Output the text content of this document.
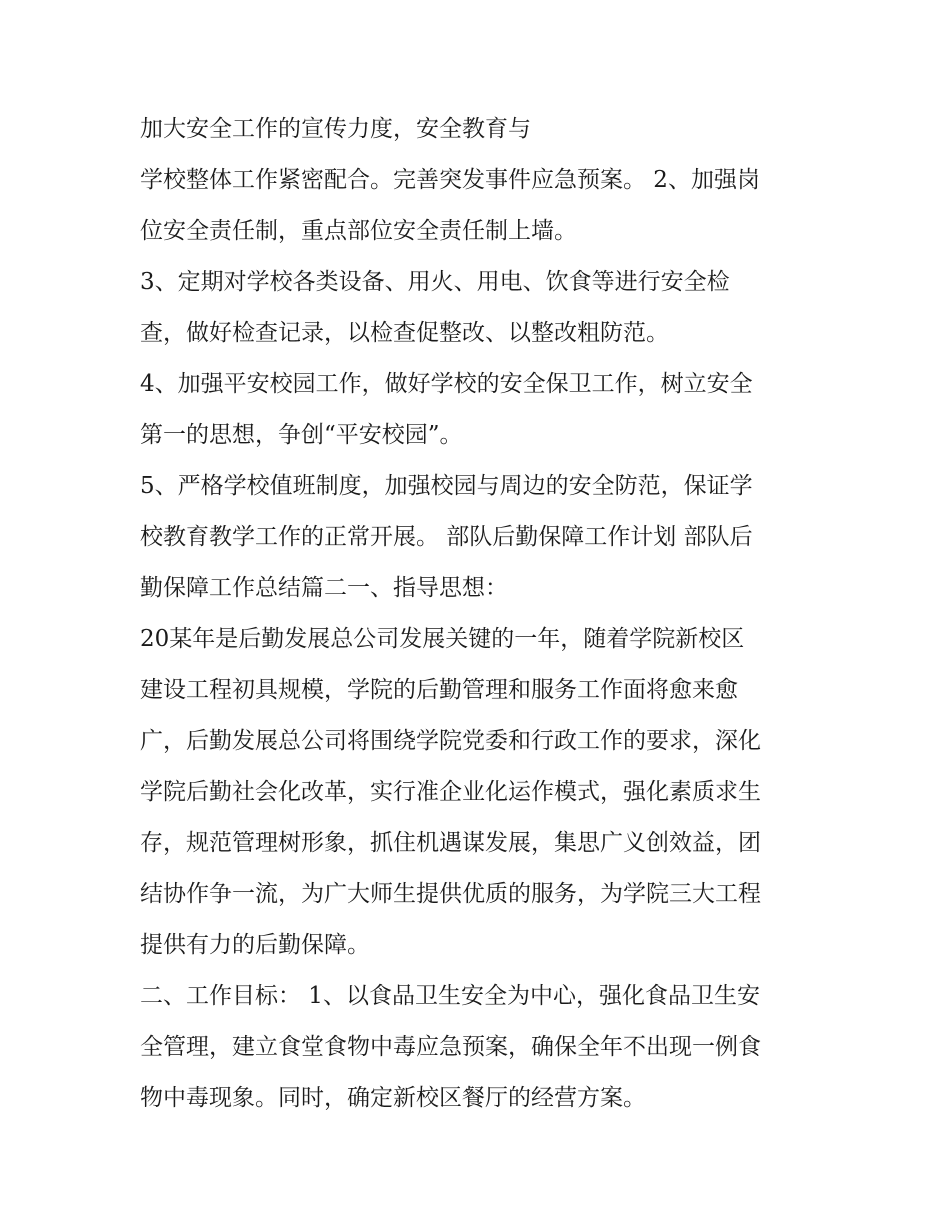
加大安全工作的宣传力度，安全教育与
学校整体工作紧密配合。完善突发事件应急预案。 2、加强岗
位安全责任制，重点部位安全责任制上墙。
3、定期对学校各类设备、用火、用电、饮食等进行安全检
查，做好检查记录，以检查促整改、以整改粗防范。
4、加强平安校园工作，做好学校的安全保卫工作，树立安全
第一的思想，争创“平安校园”。
5、严格学校值班制度，加强校园与周边的安全防范，保证学
校教育教学工作的正常开展。 部队后勤保障工作计划 部队后
勤保障工作总结篇二一、指导思想：
20某年是后勤发展总公司发展关键的一年，随着学院新校区
建设工程初具规模，学院的后勤管理和服务工作面将愈来愈
广，后勤发展总公司将围绕学院党委和行政工作的要求，深化
学院后勤社会化改革，实行准企业化运作模式，强化素质求生
存，规范管理树形象，抓住机遇谋发展，集思广义创效益，团
结协作争一流，为广大师生提供优质的服务，为学院三大工程
提供有力的后勤保障。
二、工作目标： 1、以食品卫生安全为中心，强化食品卫生安
全管理，建立食堂食物中毒应急预案，确保全年不出现一例食
物中毒现象。同时，确定新校区餐厅的经营方案。
